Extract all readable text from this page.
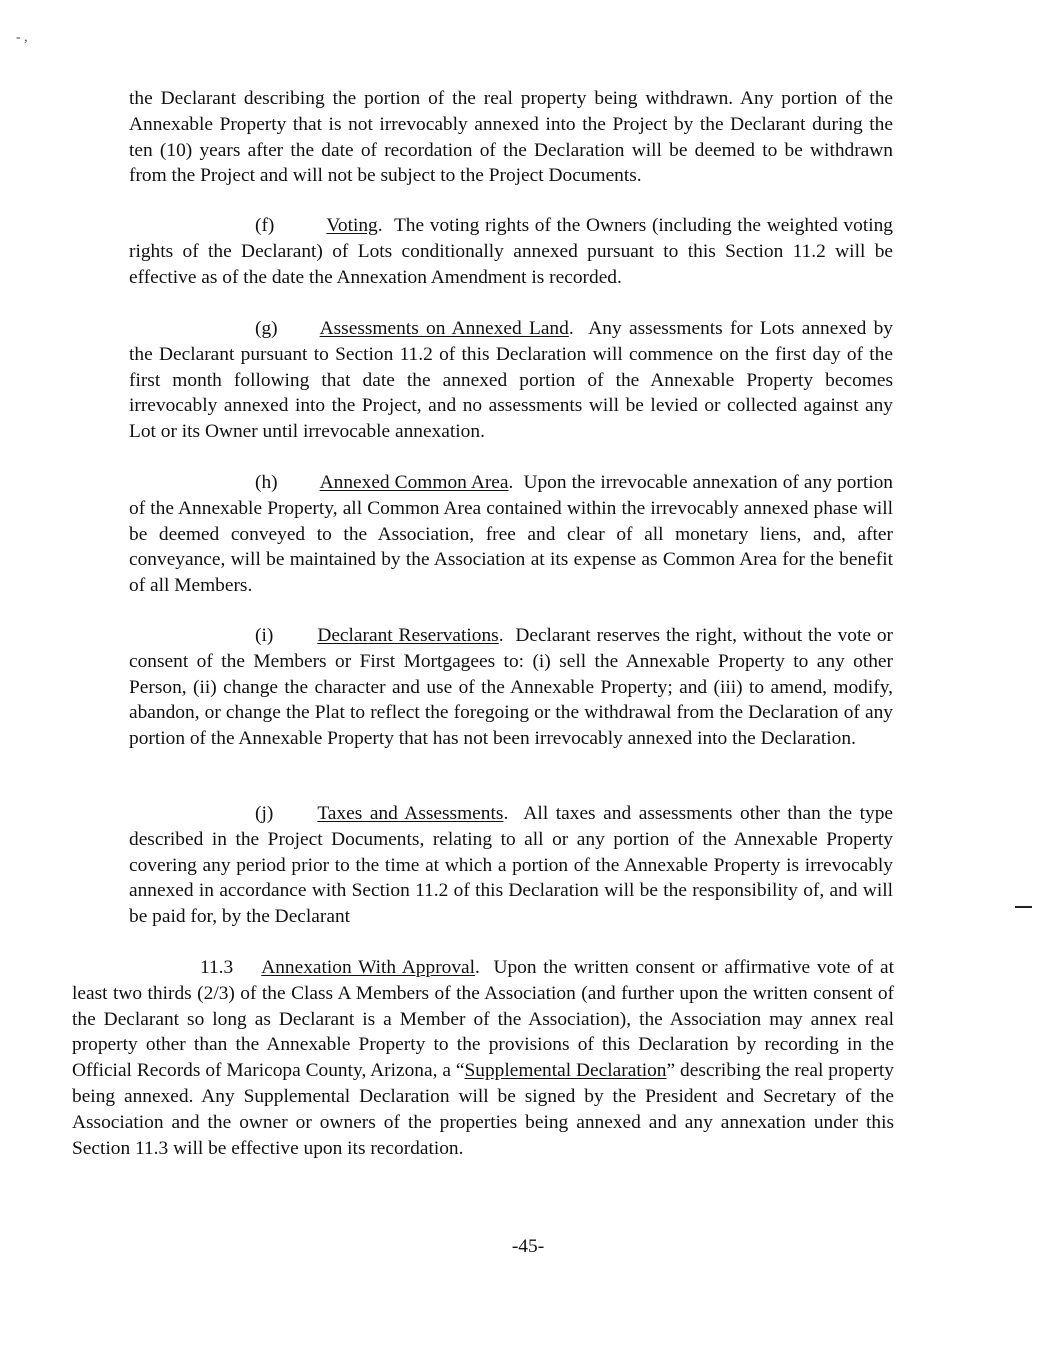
- ,

the Declarant describing the portion of the real property being withdrawn. Any portion of the Annexable Property that is not irrevocably annexed into the Project by the Declarant during the ten (10) years after the date of recordation of the Declaration will be deemed to be withdrawn from the Project and will not be subject to the Project Documents.

(f)	Voting.  The voting rights of the Owners (including the weighted voting rights of the Declarant) of Lots conditionally annexed pursuant to this Section 11.2 will be effective as of the date the Annexation Amendment is recorded.

(g) Assessments on Annexed Land.  Any assessments for Lots annexed by the Declarant pursuant to Section 11.2 of this Declaration will commence on the first day of the first month following that date the annexed portion of the Annexable Property becomes irrevocably annexed into the Project, and no assessments will be levied or collected against any Lot or its Owner until irrevocable annexation.

(h) Annexed Common Area.  Upon the irrevocable annexation of any portion of the Annexable Property, all Common Area contained within the irrevocably annexed phase will be deemed conveyed to the Association, free and clear of all monetary liens, and, after conveyance, will be maintained by the Association at its expense as Common Area for the benefit of all Members.

(i) Declarant Reservations.  Declarant reserves the right, without the vote or consent of the Members or First Mortgagees to: (i) sell the Annexable Property to any other Person, (ii) change the character and use of the Annexable Property; and (iii) to amend, modify, abandon, or change the Plat to reflect the foregoing or the withdrawal from the Declaration of any portion of the Annexable Property that has not been irrevocably annexed into the Declaration.

(j) Taxes and Assessments.  All taxes and assessments other than the type described in the Project Documents, relating to all or any portion of the Annexable Property covering any period prior to the time at which a portion of the Annexable Property is irrevocably annexed in accordance with Section 11.2 of this Declaration will be the responsibility of, and will be paid for, by the Declarant

11.3 Annexation With Approval.  Upon the written consent or affirmative vote of at least two thirds (2/3) of the Class A Members of the Association (and further upon the written consent of the Declarant so long as Declarant is a Member of the Association), the Association may annex real property other than the Annexable Property to the provisions of this Declaration by recording in the Official Records of Maricopa County, Arizona, a “Supplemental Declaration” describing the real property being annexed. Any Supplemental Declaration will be signed by the President and Secretary of the Association and the owner or owners of the properties being annexed and any annexation under this Section 11.3 will be effective upon its recordation.

-45-
